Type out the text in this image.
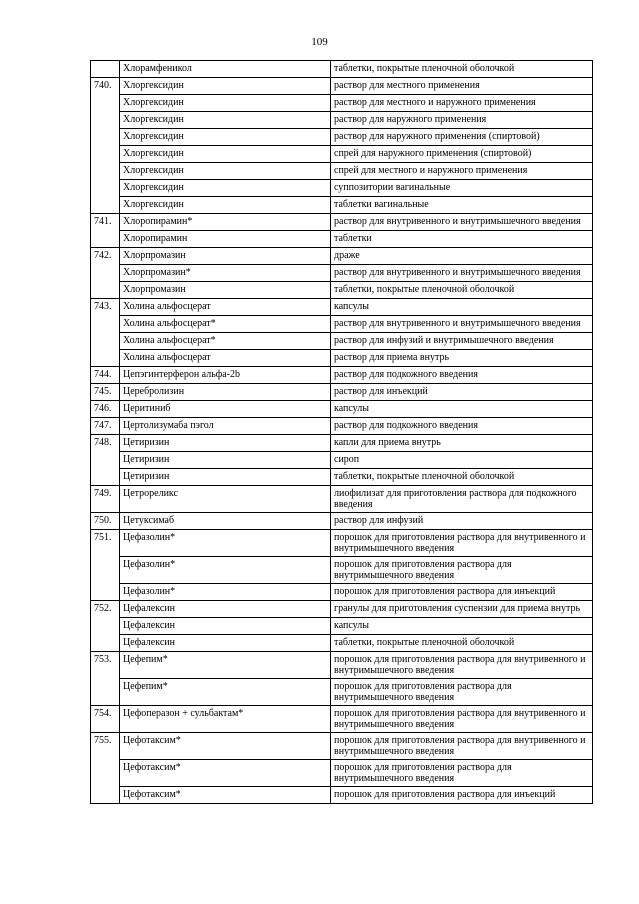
109
	Хлорамфеникол	таблетки, покрытые пленочной оболочкой
740.	Хлоргексидин	раствор для местного применения
	Хлоргексидин	раствор для местного и наружного применения
	Хлоргексидин	раствор для наружного применения
	Хлоргексидин	раствор для наружного применения (спиртовой)
	Хлоргексидин	спрей для наружного применения (спиртовой)
	Хлоргексидин	спрей для местного и наружного применения
	Хлоргексидин	суппозитории вагинальные
	Хлоргексидин	таблетки вагинальные
741.	Хлоропирамин*	раствор для внутривенного и внутримышечного введения
	Хлоропирамин	таблетки
742.	Хлорпромазин	драже
	Хлорпромазин*	раствор для внутривенного и внутримышечного введения
	Хлорпромазин	таблетки, покрытые пленочной оболочкой
743.	Холина альфосцерат	капсулы
	Холина альфосцерат*	раствор для внутривенного и внутримышечного введения
	Холина альфосцерат*	раствор для инфузий и внутримышечного введения
	Холина альфосцерат	раствор для приема внутрь
744.	Цепэгинтерферон альфа-2b	раствор для подкожного введения
745.	Церебролизин	раствор для инъекций
746.	Церитиниб	капсулы
747.	Цертолизумаба пэгол	раствор для подкожного введения
748.	Цетиризин	капли для приема внутрь
	Цетиризин	сироп
	Цетиризин	таблетки, покрытые пленочной оболочкой
749.	Цетрореликс	лиофилизат для приготовления раствора для подкожного введения
750.	Цетуксимаб	раствор для инфузий
751.	Цефазолин*	порошок для приготовления раствора для внутривенного и внутримышечного введения
	Цефазолин*	порошок для приготовления раствора для внутримышечного введения
	Цефазолин*	порошок для приготовления раствора для инъекций
752.	Цефалексин	гранулы для приготовления суспензии для приема внутрь
	Цефалексин	капсулы
	Цефалексин	таблетки, покрытые пленочной оболочкой
753.	Цефепим*	порошок для приготовления раствора для внутривенного и внутримышечного введения
	Цефепим*	порошок для приготовления раствора для внутримышечного введения
754.	Цефоперазон + сульбактам*	порошок для приготовления раствора для внутривенного и внутримышечного введения
755.	Цефотаксим*	порошок для приготовления раствора для внутривенного и внутримышечного введения
	Цефотаксим*	порошок для приготовления раствора для внутримышечного введения
	Цефотаксим*	порошок для приготовления раствора для инъекций
